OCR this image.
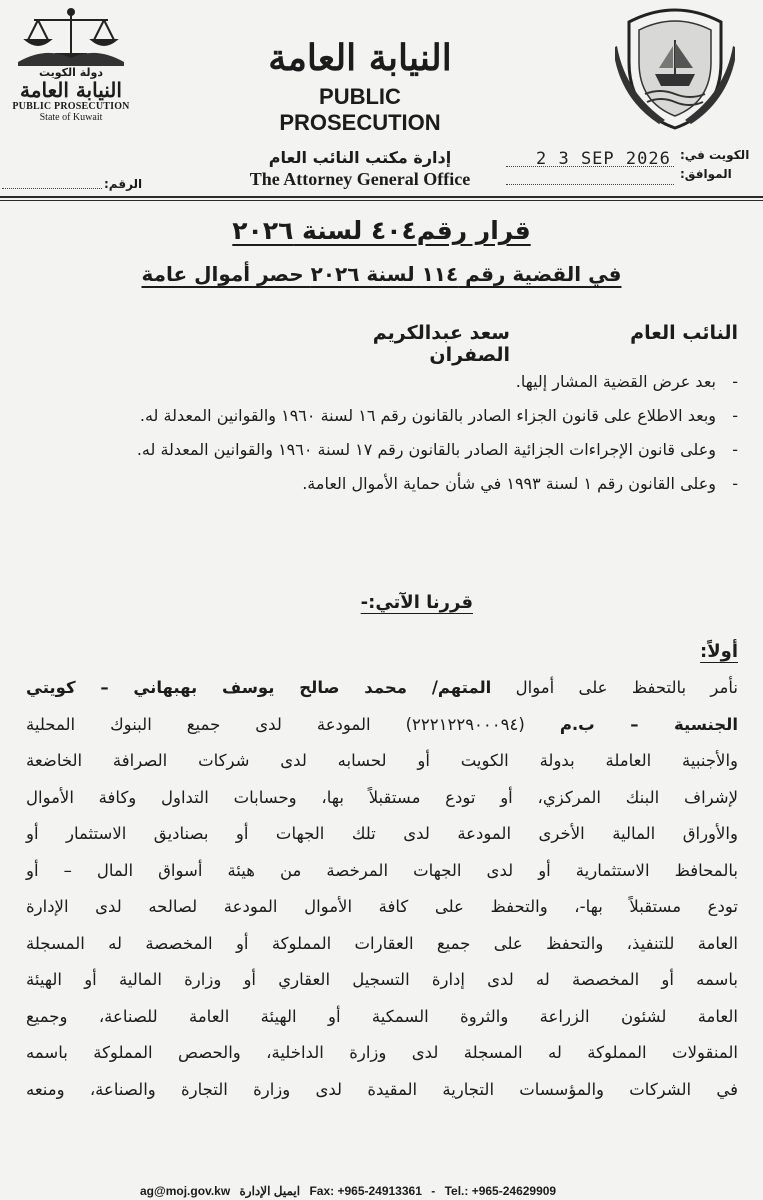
دولة الكويت
النيابة العامة
PUBLIC PROSECUTION
State of Kuwait
النيابة العامة
PUBLIC PROSECUTION
إدارة مكتب النائب العام
The Attorney General Office
الرقم:
2 3 SEP 2026 الكويت في:
الموافق:
قرار رقم٤٠٤ لسنة ٢٠٢٦
في القضية رقم ١١٤ لسنة ٢٠٢٦ حصر أموال عامة
النائب العام
سعد عبدالكريم الصفران
-
بعد عرض القضية المشار إليها.
-
وبعد الاطلاع على قانون الجزاء الصادر بالقانون رقم ١٦ لسنة ١٩٦٠ والقوانين المعدلة له.
-
وعلى قانون الإجراءات الجزائية الصادر بالقانون رقم ١٧ لسنة ١٩٦٠ والقوانين المعدلة له.
-
وعلى القانون رقم ١ لسنة ١٩٩٣ في شأن حماية الأموال العامة.
قررنا الآتي:-
أولاً:
نأمر بالتحفظ على أموال المتهم/ محمد صالح يوسف بهبهاني – كويتي
الجنسية – ب.م (٢٢٢١٢٢٩٠٠٠٩٤) المودعة لدى جميع البنوك المحلية
والأجنبية العاملة بدولة الكويت أو لحسابه لدى شركات الصرافة الخاضعة
لإشراف البنك المركزي، أو تودع مستقبلاً بها، وحسابات التداول وكافة الأموال
والأوراق المالية الأخرى المودعة لدى تلك الجهات أو بصناديق الاستثمار أو
بالمحافظ الاستثمارية أو لدى الجهات المرخصة من هيئة أسواق المال – أو
تودع مستقبلاً بها-، والتحفظ على كافة الأموال المودعة لصالحه لدى الإدارة
العامة للتنفيذ، والتحفظ على جميع العقارات المملوكة أو المخصصة له المسجلة
باسمه أو المخصصة له لدى إدارة التسجيل العقاري أو وزارة المالية أو الهيئة
العامة لشئون الزراعة والثروة السمكية أو الهيئة العامة للصناعة، وجميع
المنقولات المملوكة له المسجلة لدى وزارة الداخلية، والحصص المملوكة باسمه
في الشركات والمؤسسات التجارية المقيدة لدى وزارة التجارة والصناعة، ومنعه
ag@moj.gov.kw ايميل الإدارة Fax: +965-24913361 - Tel.: +965-24629909
